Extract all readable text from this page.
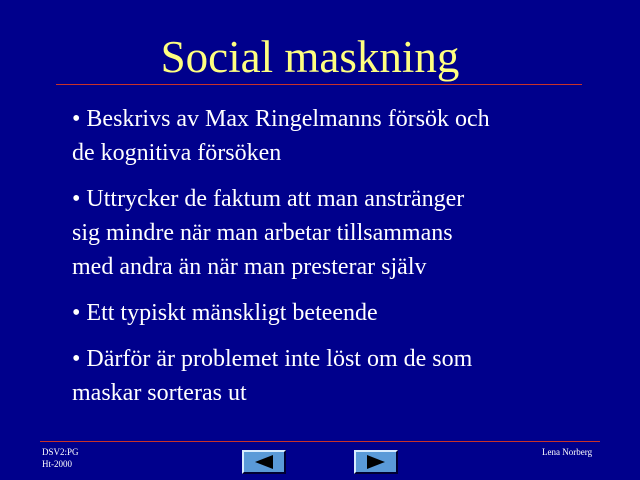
Social maskning
• Beskrivs av Max Ringelmanns försök och
de kognitiva försöken
• Uttrycker de faktum att man anstränger
sig mindre när man arbetar tillsammans
med andra än när man presterar själv
• Ett typiskt mänskligt beteende
• Därför är problemet inte löst om de som
maskar sorteras ut
DSV2:PG
Ht-2000
Lena Norberg
